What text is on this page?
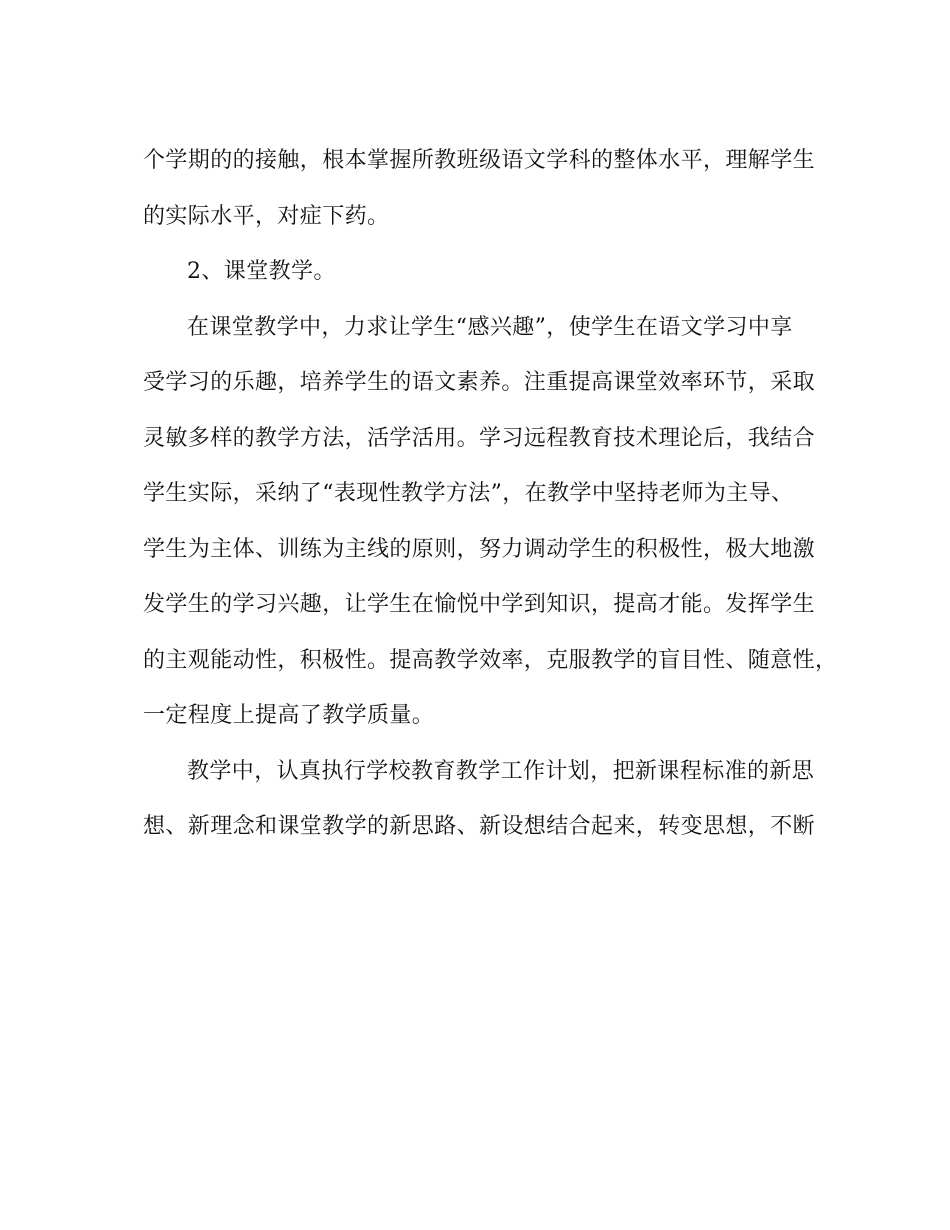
个学期的的接触，根本掌握所教班级语文学科的整体水平，理解学生
的实际水平，对症下药。
2、课堂教学。
在课堂教学中，力求让学生“感兴趣”，使学生在语文学习中享
受学习的乐趣，培养学生的语文素养。注重提高课堂效率环节，采取
灵敏多样的教学方法，活学活用。学习远程教育技术理论后，我结合
学生实际，采纳了“表现性教学方法”，在教学中坚持老师为主导、
学生为主体、训练为主线的原则，努力调动学生的积极性，极大地激
发学生的学习兴趣，让学生在愉悦中学到知识，提高才能。发挥学生
的主观能动性，积极性。提高教学效率，克服教学的盲目性、随意性，
一定程度上提高了教学质量。
教学中，认真执行学校教育教学工作计划，把新课程标准的新思
想、新理念和课堂教学的新思路、新设想结合起来，转变思想，不断
